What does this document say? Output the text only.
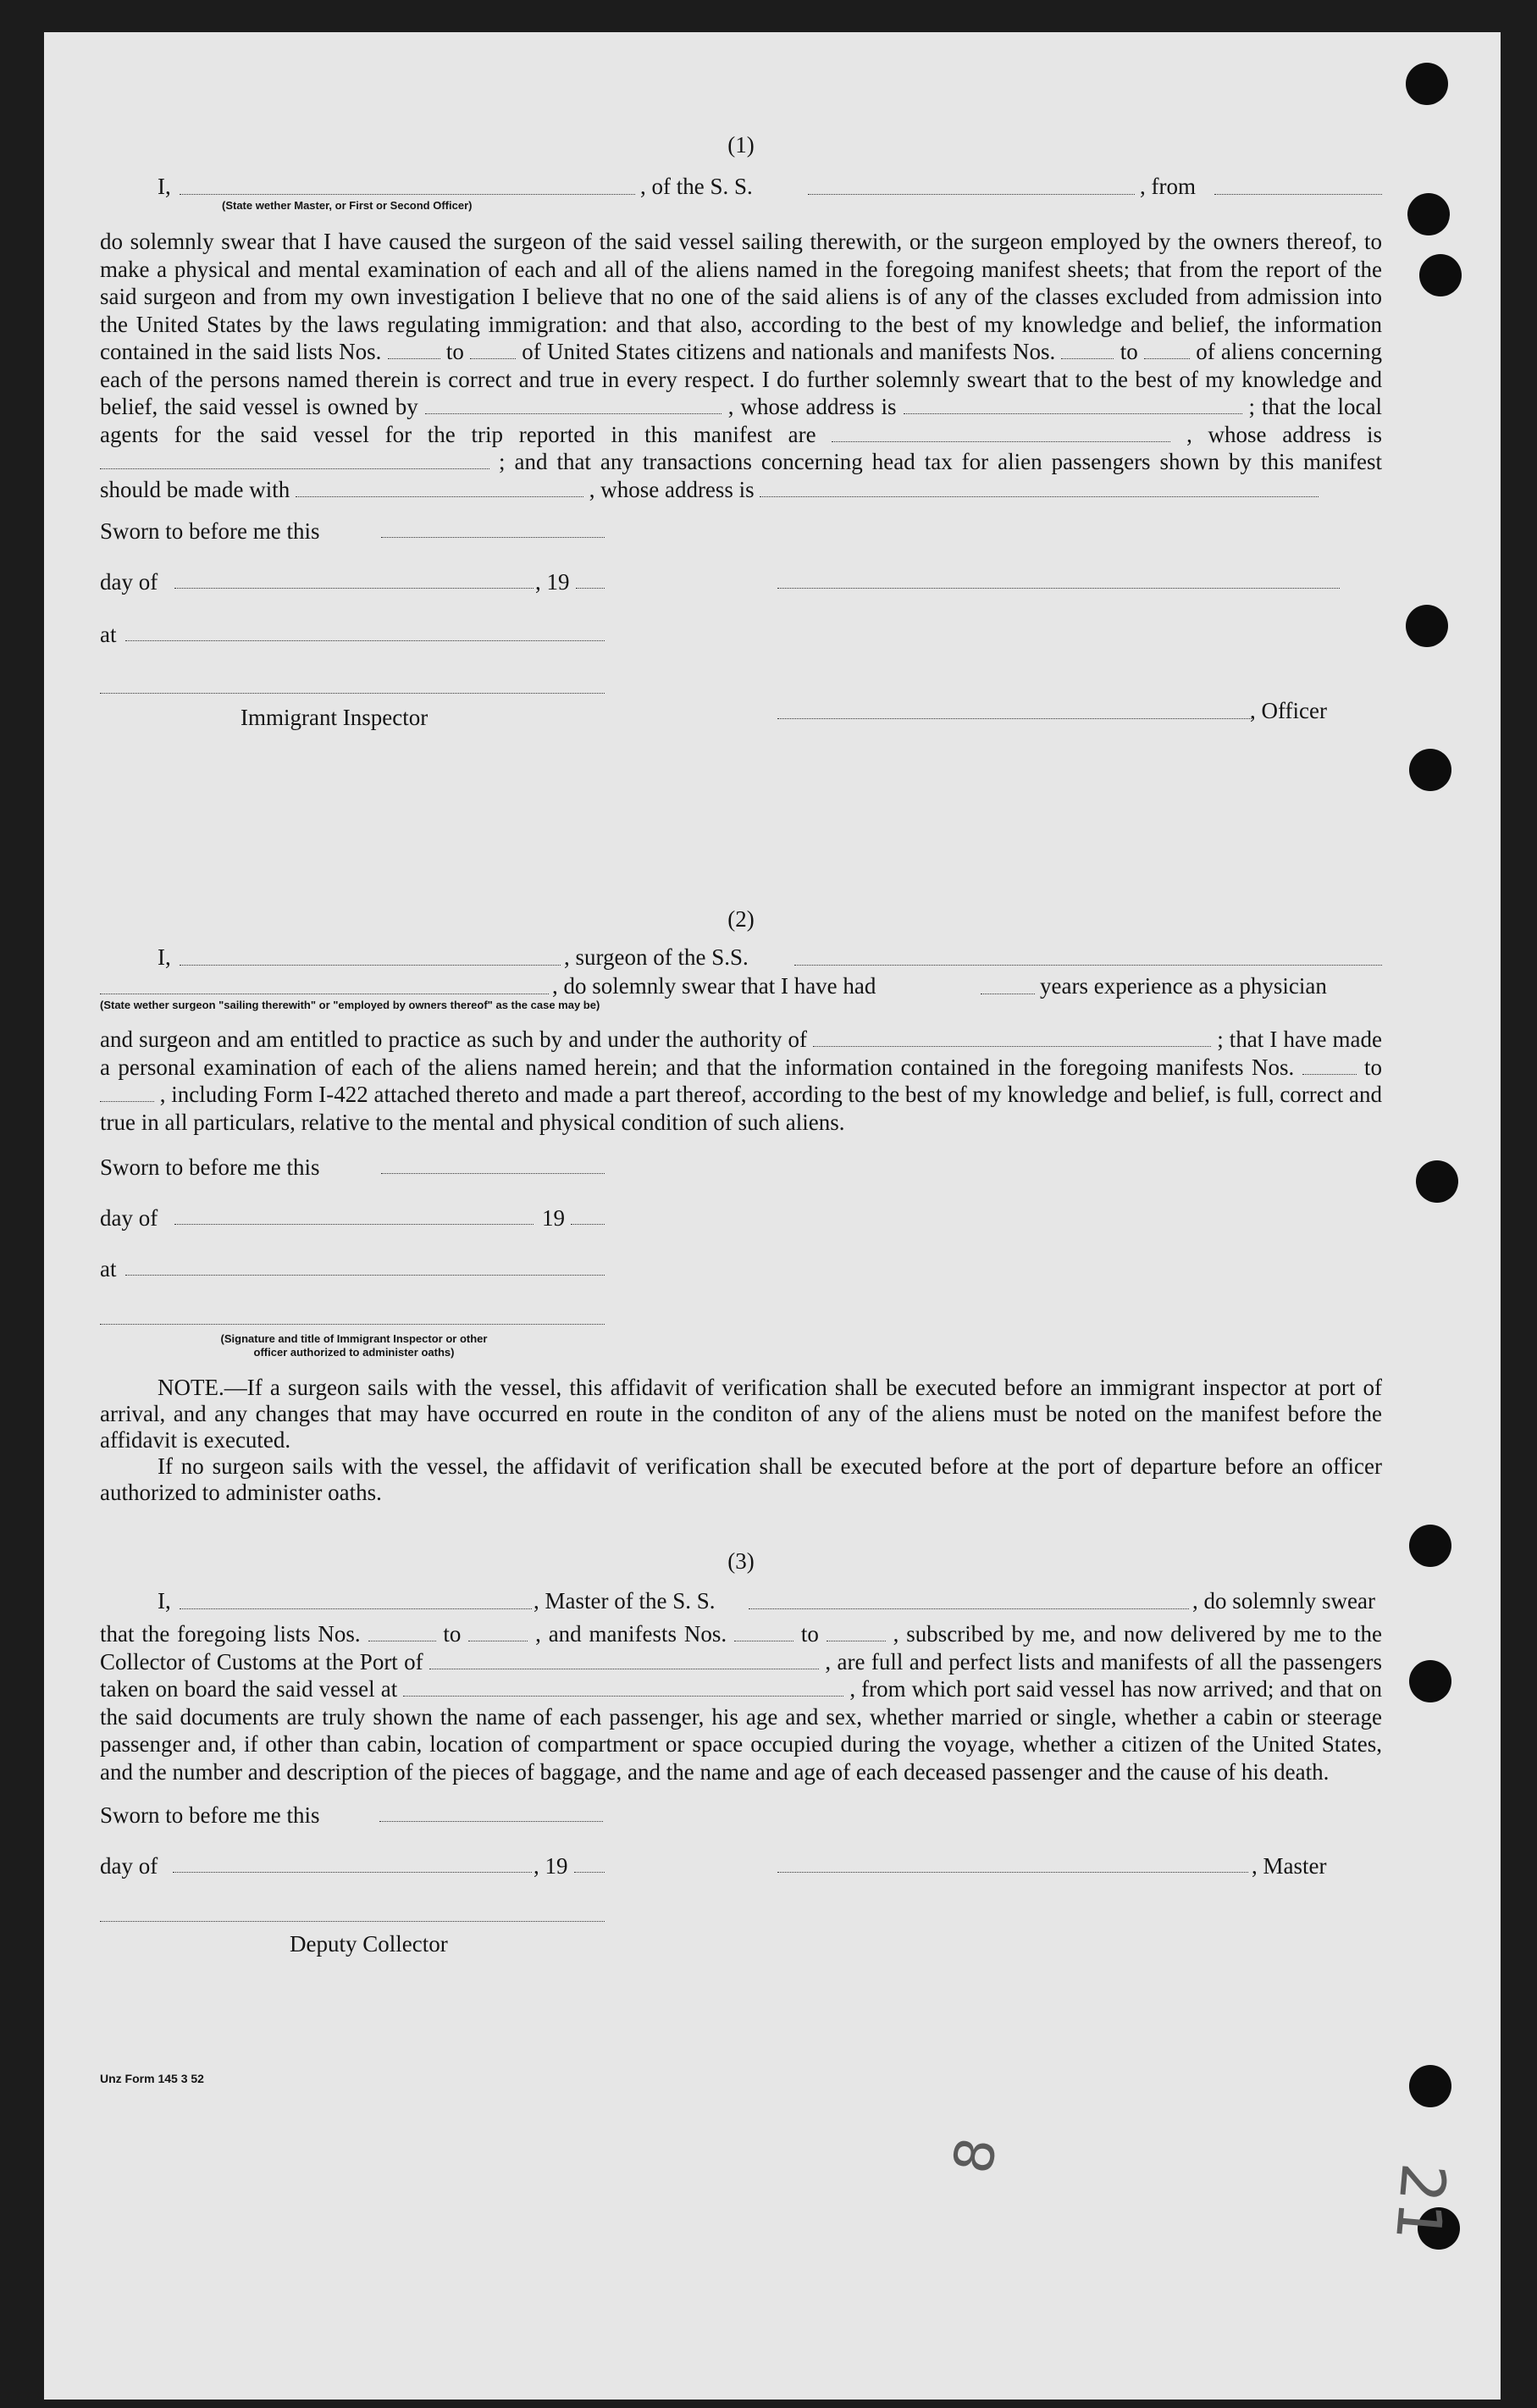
(1)

I,
(State wether Master, or First or Second Officer)
, of the S. S.	, from

do solemnly swear that I have caused the surgeon of the said vessel sailing therewith, or the surgeon employed by the owners thereof, to make a physical and mental examination of each and all of the aliens named in the foregoing manifest sheets; that from the report of the said surgeon and from my own investigation I believe that no one of the said aliens is of any of the classes excluded from admission into the United States by the laws regulating immigration: and that also, according to the best of my knowledge and belief, the information contained in the said lists Nos.	to	of United States citizens and nationals and manifests Nos.	to	of aliens concerning each of the persons named therein is correct and true in every respect. I do further solemnly sweart that to the best of my knowledge and belief, the said vessel is owned by	, whose address is	; that the local agents for the said vessel for the trip reported in this manifest are	, whose address is  ; and that any transactions concerning head tax for alien passengers shown by this manifest should be made with	, whose address is

Sworn to before me this
day of	, 19
at
Immigrant Inspector	, Officer

(2)

I,	, surgeon of the S.S.
, do solemnly swear that I have had	years experience as a physician
(State wether surgeon "sailing therewith" or "employed by owners thereof" as the case may be)

and surgeon and am entitled to practice as such by and under the authority of	; that I have made a personal examination of each of the aliens named herein; and that the information contained in the foregoing manifests Nos.	to  , including Form I-422 attached thereto and made a part thereof, according to the best of my knowledge and belief, is full, correct and true in all particulars, relative to the mental and physical condition of such aliens.

Sworn to before me this
day of	19
at
(Signature and title of Immigrant Inspector or other
officer authorized to administer oaths)

NOTE.—If a surgeon sails with the vessel, this affidavit of verification shall be executed before an immigrant inspector at port of arrival, and any changes that may have occurred en route in the conditon of any of the aliens must be noted on the manifest before the affidavit is executed.

If no surgeon sails with the vessel, the affidavit of verification shall be executed before at the port of departure before an officer authorized to administer oaths.

(3)

I,	, Master of the S. S.	, do solemnly swear

that the foregoing lists Nos.	to	, and manifests Nos.	to	, subscribed by me, and now delivered by me to the Collector of Customs at the Port of	, are full and perfect lists and manifests of all the passengers taken on board the said vessel at	, from which port said vessel has now arrived; and that on the said documents are truly shown the name of each passenger, his age and sex, whether married or single, whether a cabin or steerage passenger and, if other than cabin, location of compartment or space occupied during the voyage, whether a citizen of the United States, and the number and description of the pieces of baggage, and the name and age of each deceased passenger and the cause of his death.

Sworn to before me this
day of	, 19	, Master
Deputy Collector
Unz Form 145 3 52
8
21
